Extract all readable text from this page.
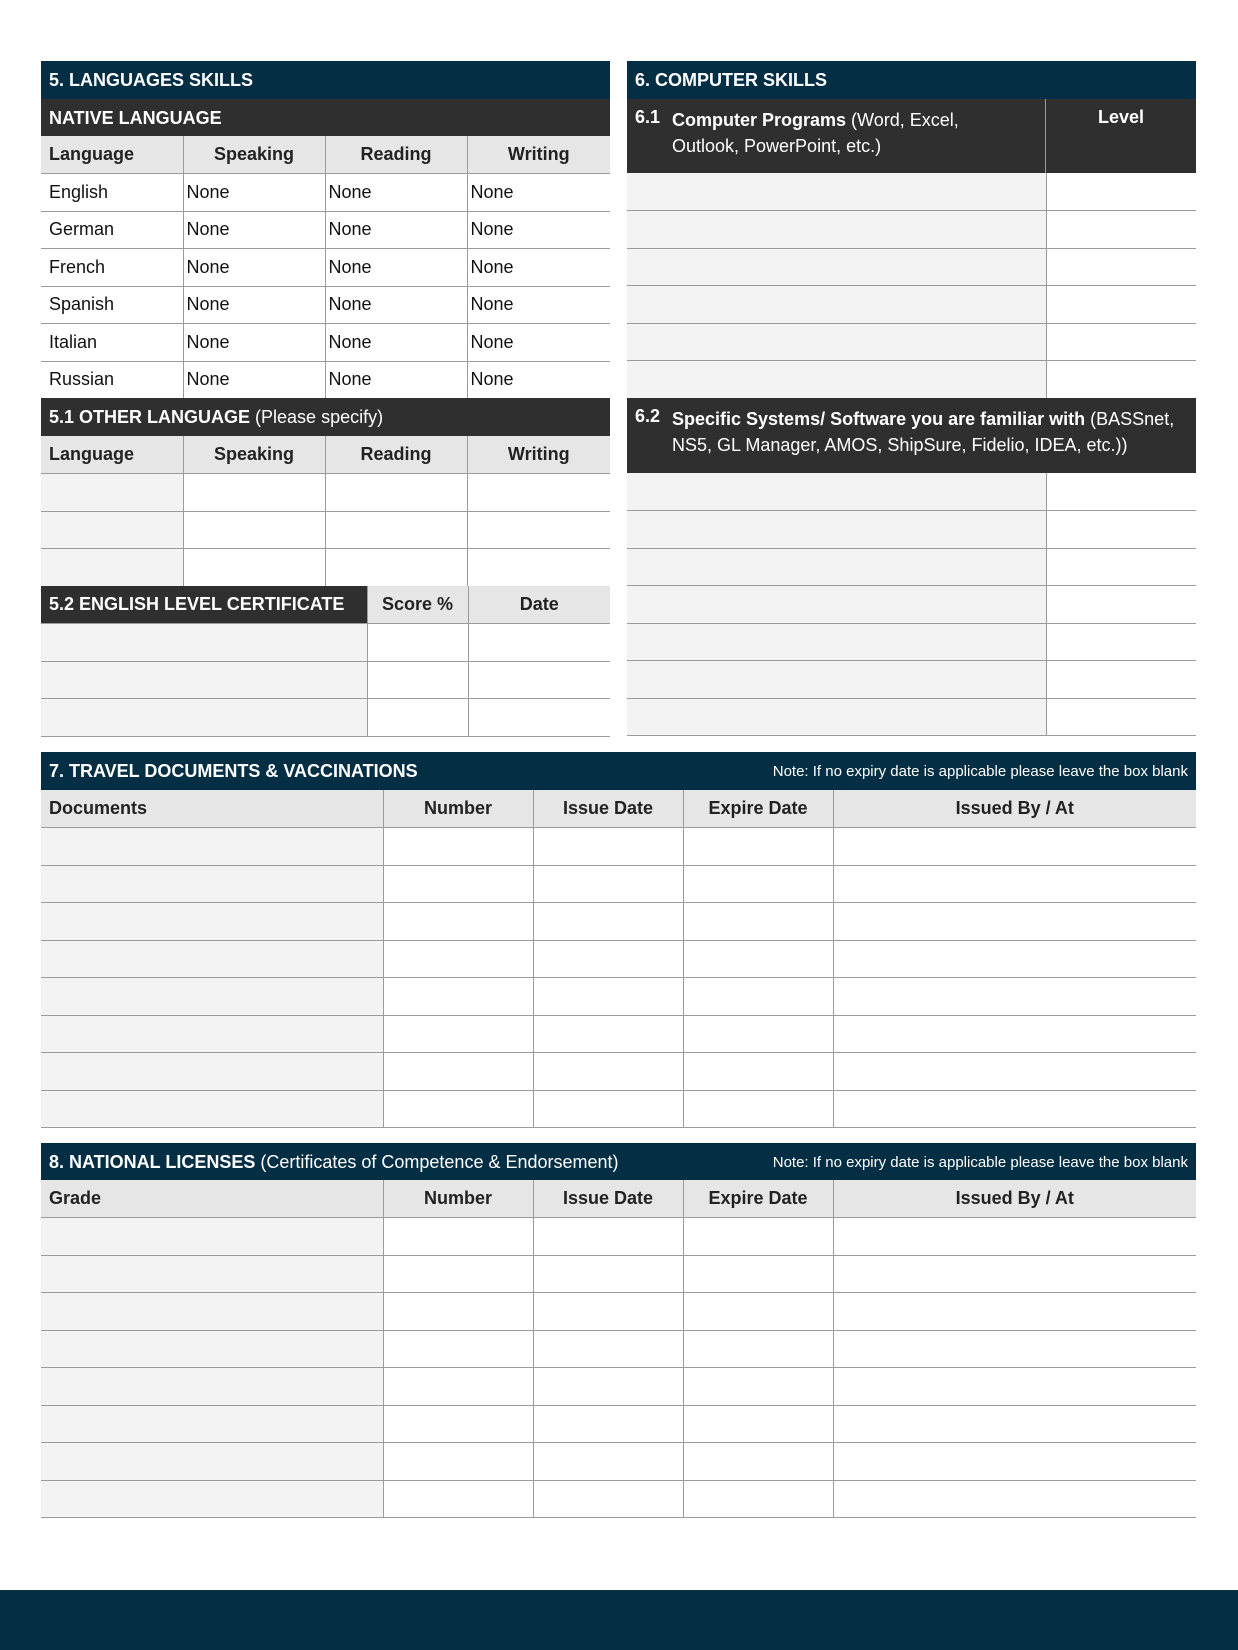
5. LANGUAGES SKILLS
NATIVE LANGUAGE
Language	Speaking	Reading	Writing
English	None	None	None
German	None	None	None
French	None	None	None
Spanish	None	None	None
Italian	None	None	None
Russian	None	None	None
5.1 OTHER LANGUAGE (Please specify)
Language	Speaking	Reading	Writing

5.2 ENGLISH LEVEL CERTIFICATE	Score %	Date

6. COMPUTER SKILLS
6.1 Computer Programs (Word, Excel, Outlook, PowerPoint, etc.)
Level

6.2 Specific Systems/ Software you are familiar with (BASSnet, NS5, GL Manager, AMOS, ShipSure, Fidelio, IDEA, etc.))

7. TRAVEL DOCUMENTS & VACCINATIONS	Note: If no expiry date is applicable please leave the box blank
Documents	Number	Issue Date	Expire Date	Issued By / At

8. NATIONAL LICENSES (Certificates of Competence & Endorsement)	Note: If no expiry date is applicable please leave the box blank
Grade	Number	Issue Date	Expire Date	Issued By / At
